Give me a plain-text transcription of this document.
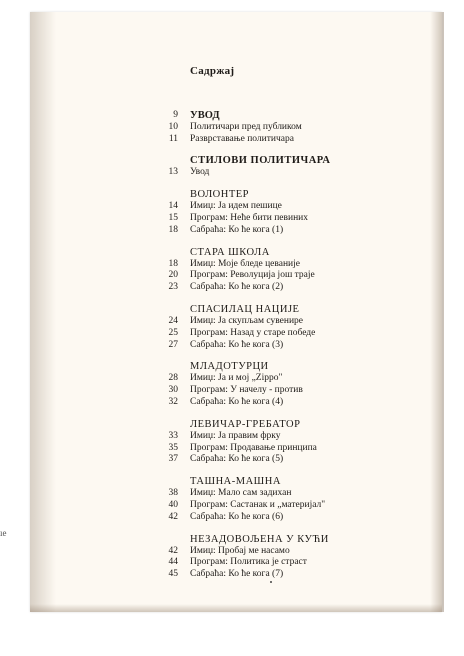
ıе
Садржај
9 УВОД
10 Политичари пред публиком
11 Разврставање политичара
СТИЛОВИ ПОЛИТИЧАРА
13 Увод
ВОЛОНТЕР
14 Имиџ: Ја идем пешице
15 Програм: Неће бити певиних
18 Сабраћа: Ко ће кога (1)
СТАРА ШКОЛА
18 Имиџ: Моје бледе цеваније
20 Програм: Револуција још траје
23 Сабраћа: Ко ће кога (2)
СПАСИЛАЦ НАЦИЈЕ
24 Имиџ: Ја скупљам сувенире
25 Програм: Назад у старе победе
27 Сабраћа: Ко ће кога (3)
МЛАДОТУРЦИ
28 Имиџ: Ја и мој „Zippo"
30 Програм: У начелу - против
32 Сабраћа: Ко ће кога (4)
ЛЕВИЧАР-ГРЕБАТОР
33 Имиџ: Ја правим фрку
35 Програм: Продавање принципа
37 Сабраћа: Ко ће кога (5)
ТАШНА-МАШНА
38 Имиџ: Мало сам задихан
40 Програм: Састанак и „материјал"
42 Сабраћа: Ко ће кога (6)
НЕЗАДОВОЉЕНА У КУЋИ
42 Имиџ: Пробај ме насамо
44 Програм: Политика је страст
45 Сабраћа: Ко ће кога (7)
